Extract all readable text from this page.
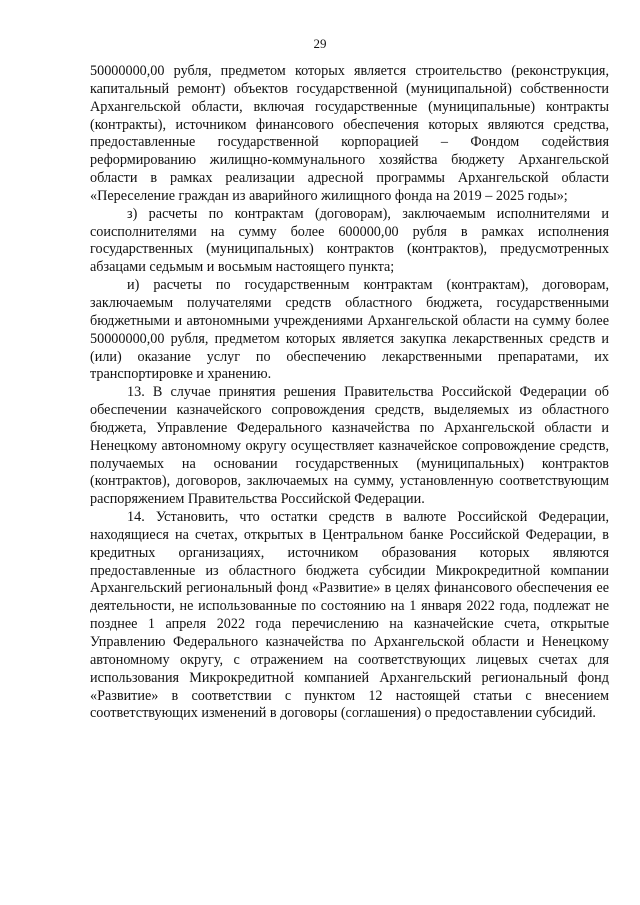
29

50000000,00 рубля, предметом которых является строительство (реконструкция, капитальный ремонт) объектов государственной (муниципальной) собственности Архангельской области, включая государственные (муниципальные) контракты (контракты), источником финансового обеспечения которых являются средства, предоставленные государственной корпорацией – Фондом содействия реформированию жилищно-коммунального хозяйства бюджету Архангельской области в рамках реализации адресной программы Архангельской области «Переселение граждан из аварийного жилищного фонда на 2019 – 2025 годы»;

з) расчеты по контрактам (договорам), заключаемым исполнителями и соисполнителями на сумму более 600000,00 рубля в рамках исполнения государственных (муниципальных) контрактов (контрактов), предусмотренных абзацами седьмым и восьмым настоящего пункта;

и) расчеты по государственным контрактам (контрактам), договорам, заключаемым получателями средств областного бюджета, государственными бюджетными и автономными учреждениями Архангельской области на сумму более 50000000,00 рубля, предметом которых является закупка лекарственных средств и (или) оказание услуг по обеспечению лекарственными препаратами, их транспортировке и хранению.

13. В случае принятия решения Правительства Российской Федерации об обеспечении казначейского сопровождения средств, выделяемых из областного бюджета, Управление Федерального казначейства по Архангельской области и Ненецкому автономному округу осуществляет казначейское сопровождение средств, получаемых на основании государственных (муниципальных) контрактов (контрактов), договоров, заключаемых на сумму, установленную соответствующим распоряжением Правительства Российской Федерации.

14. Установить, что остатки средств в валюте Российской Федерации, находящиеся на счетах, открытых в Центральном банке Российской Федерации, в кредитных организациях, источником образования которых являются предоставленные из областного бюджета субсидии Микрокредитной компании Архангельский региональный фонд «Развитие» в целях финансового обеспечения ее деятельности, не использованные по состоянию на 1 января 2022 года, подлежат не позднее 1 апреля 2022 года перечислению на казначейские счета, открытые Управлению Федерального казначейства по Архангельской области и Ненецкому автономному округу, с отражением на соответствующих лицевых счетах для использования Микрокредитной компанией Архангельский региональный фонд «Развитие» в соответствии с пунктом 12 настоящей статьи с внесением соответствующих изменений в договоры (соглашения) о предоставлении субсидий.
